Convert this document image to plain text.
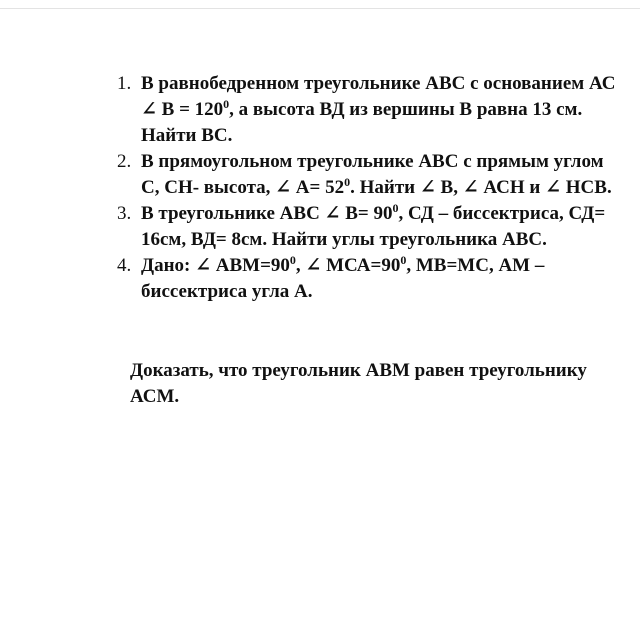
1. В равнобедренном треугольнике АВС с основанием АС ∠ $В = 120^0$, а высота ВД из вершины В равна 13 см. Найти ВС.
2. В прямоугольном треугольнике АВС с прямым углом С, СН- высота, ∠ $А= 52^0$. Найти ∠ В, ∠ АСН и ∠ НСВ.
3. В треугольнике АВС ∠ $В= 90^0$, СД – биссектриса, СД= 16см, ВД= 8см. Найти углы треугольника АВС.
4. Дано: ∠ $АВМ=90^0$, ∠ $МСА=90^0$, МВ=МС, АМ –биссектриса угла А.

Доказать, что треугольник АВМ равен треугольнику АСМ.
